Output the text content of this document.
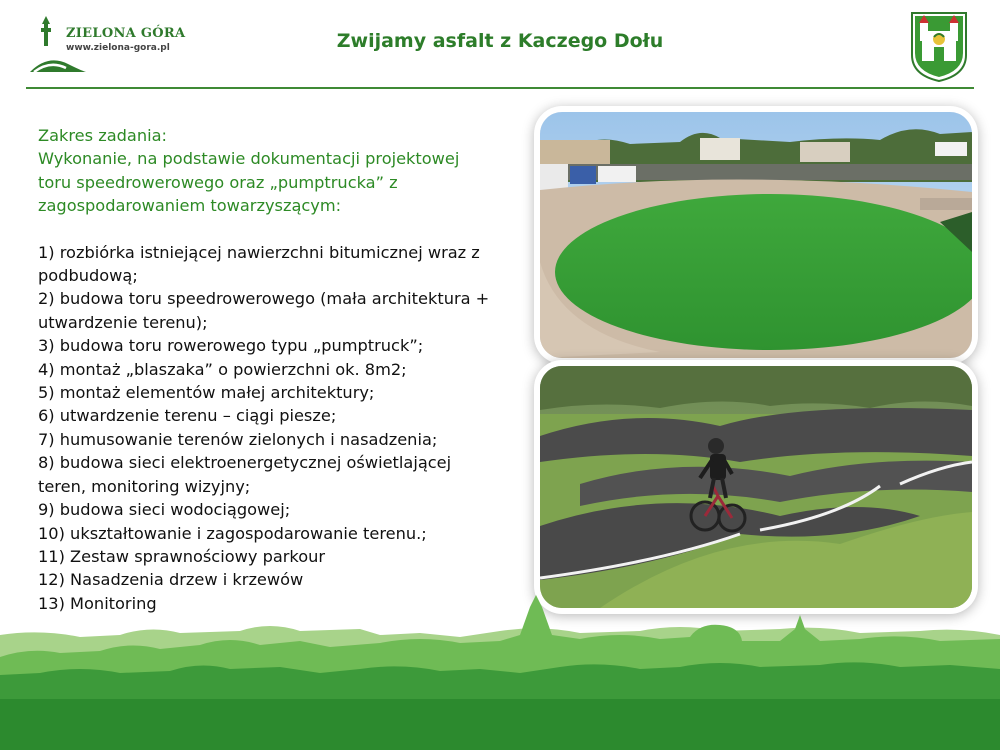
ZIELONA GÓRA
www.zielona-gora.pl	Zwijamy asfalt z Kaczego Dołu
Zakres zadania:
Wykonanie, na podstawie dokumentacji projektowej
toru speedrowerowego oraz „pumptrucka” z
zagospodarowaniem towarzyszącym:
1) rozbiórka istniejącej nawierzchni bitumicznej wraz z
podbudową;
2) budowa toru speedrowerowego (mała architektura +
utwardzenie terenu);
3) budowa toru rowerowego typu „pumptruck”;
4) montaż „blaszaka” o powierzchni ok. 8m2;
5) montaż elementów małej architektury;
6) utwardzenie terenu – ciągi piesze;
7) humusowanie terenów zielonych i nasadzenia;
8) budowa sieci elektroenergetycznej oświetlającej
teren, monitoring wizyjny;
9) budowa sieci wodociągowej;
10) ukształtowanie i zagospodarowanie terenu.;
11) Zestaw sprawnościowy parkour
12) Nasadzenia drzew i krzewów
13) Monitoring
